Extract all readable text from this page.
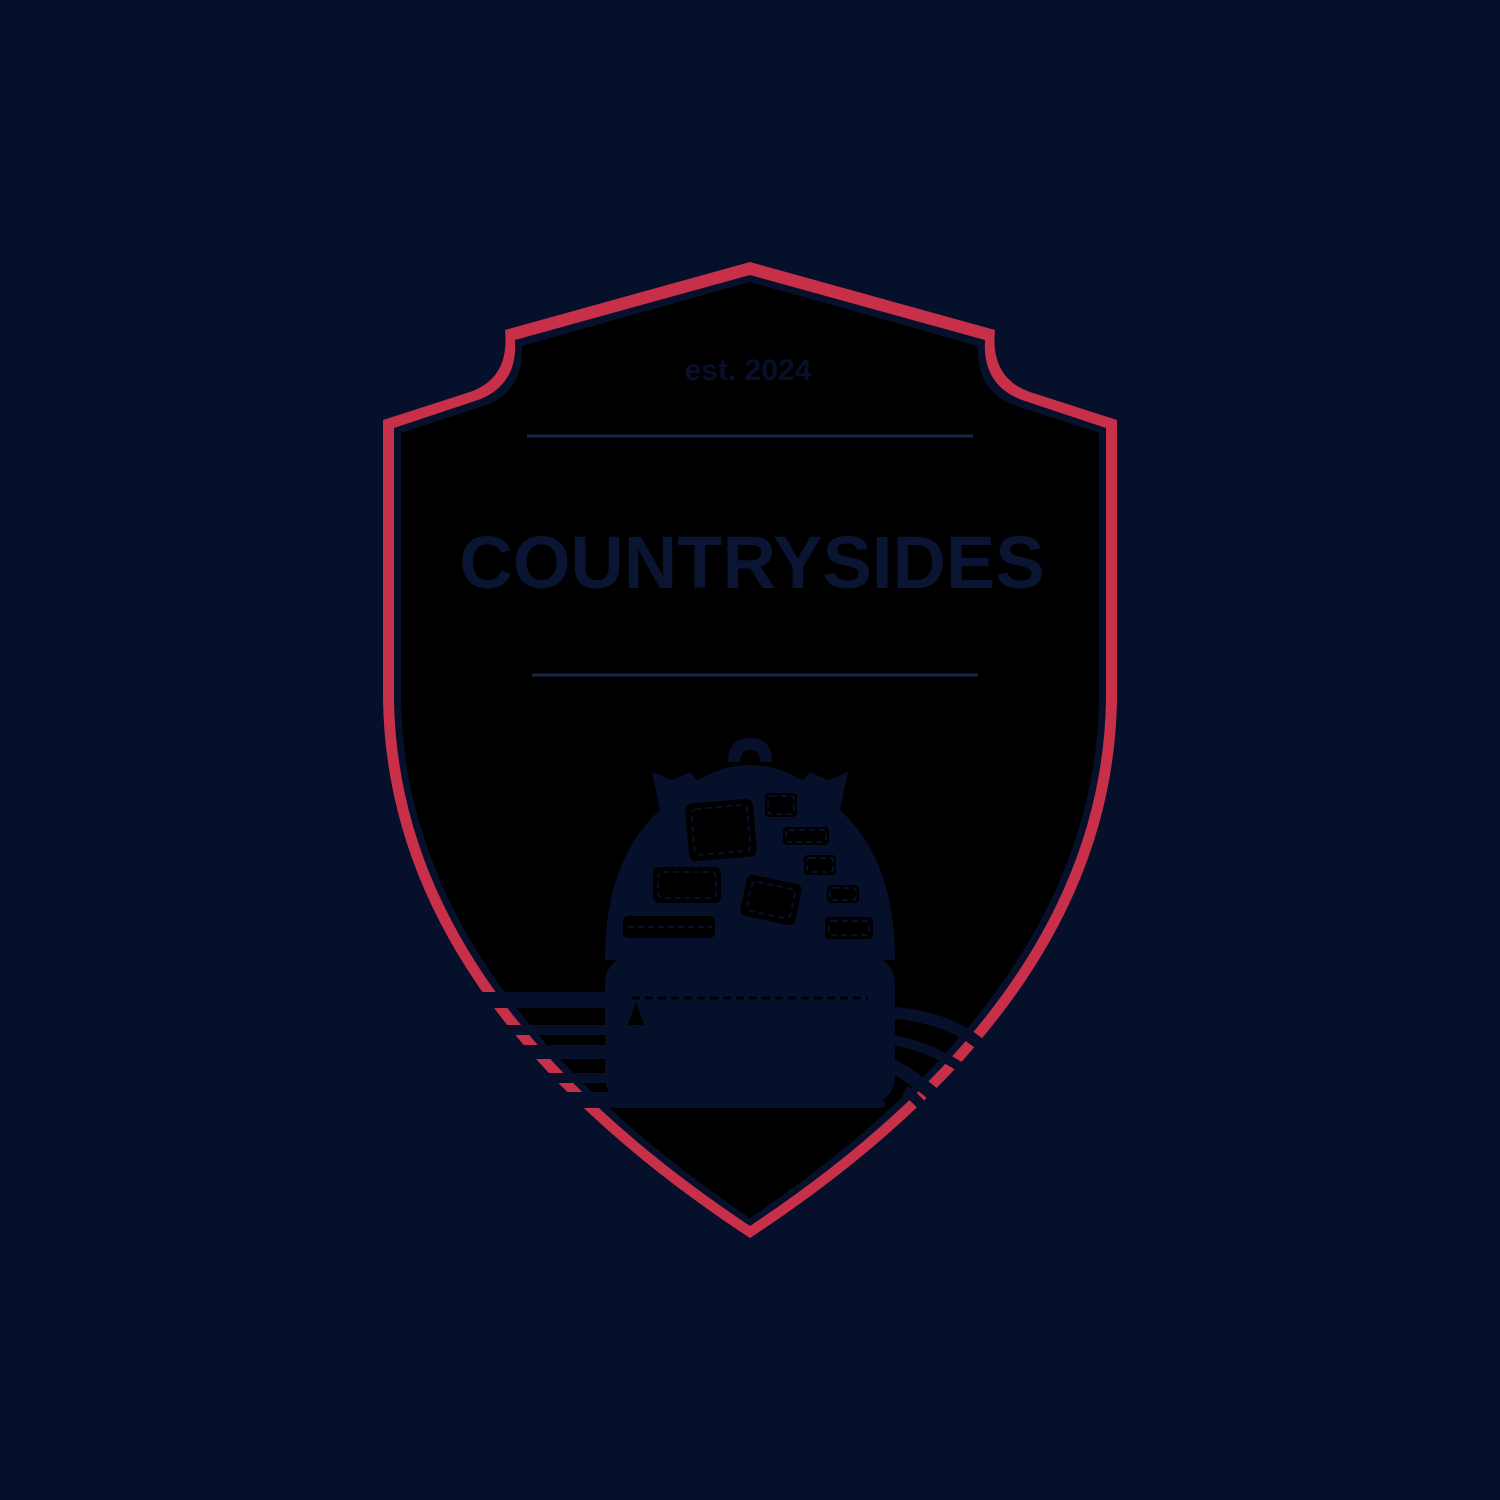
est. 2024
COUNTRYSIDES
